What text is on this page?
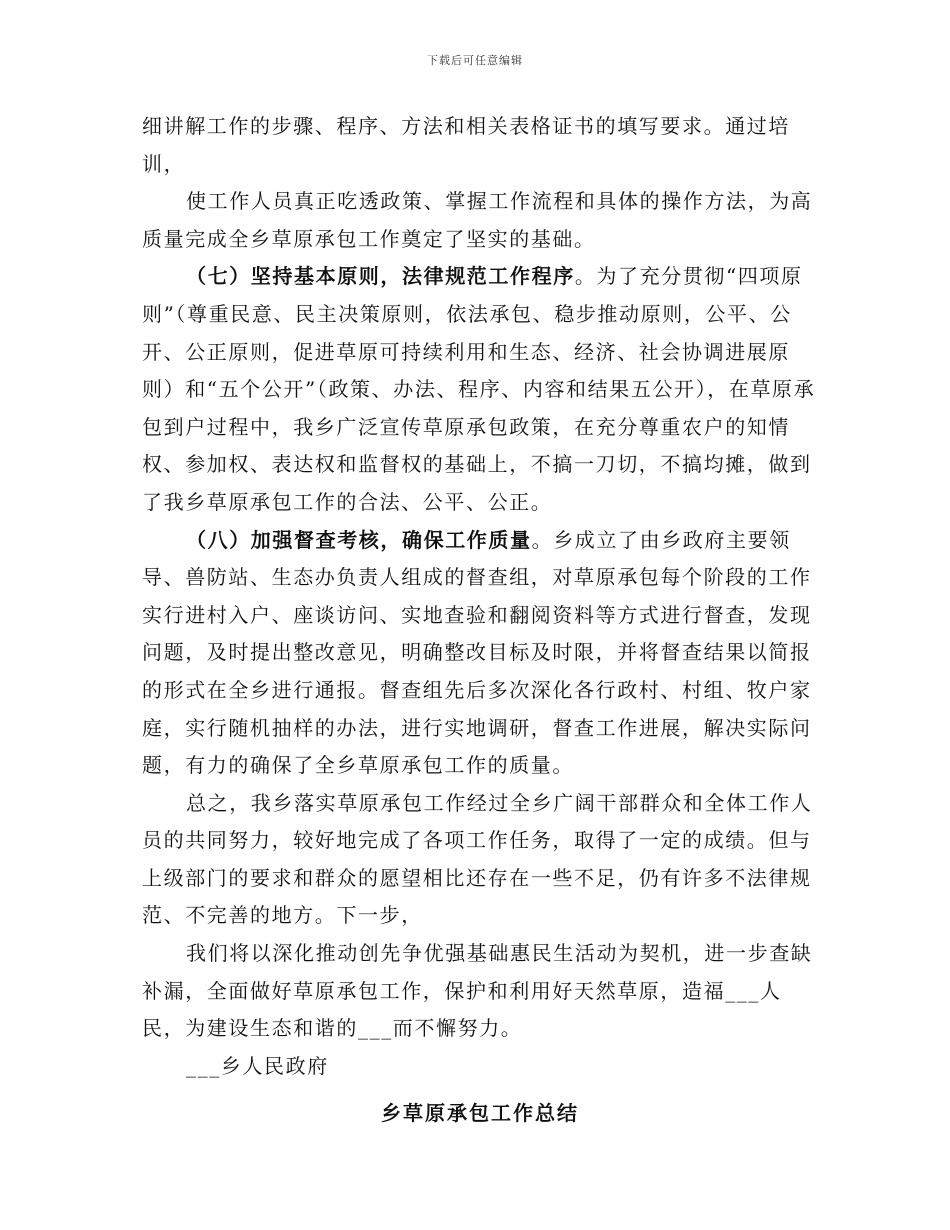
下载后可任意编辑

细讲解工作的步骤、程序、方法和相关表格证书的填写要求。通过培训，

使工作人员真正吃透政策、掌握工作流程和具体的操作方法，为高质量完成全乡草原承包工作奠定了坚实的基础。

（七）坚持基本原则，法律规范工作程序。为了充分贯彻“四项原则”（尊重民意、民主决策原则，依法承包、稳步推动原则，公平、公开、公正原则，促进草原可持续利用和生态、经济、社会协调进展原则）和“五个公开”（政策、办法、程序、内容和结果五公开），在草原承包到户过程中，我乡广泛宣传草原承包政策，在充分尊重农户的知情权、参加权、表达权和监督权的基础上，不搞一刀切，不搞均摊，做到了我乡草原承包工作的合法、公平、公正。

（八）加强督查考核，确保工作质量。乡成立了由乡政府主要领导、兽防站、生态办负责人组成的督查组，对草原承包每个阶段的工作实行进村入户、座谈访问、实地查验和翻阅资料等方式进行督查，发现问题，及时提出整改意见，明确整改目标及时限，并将督查结果以简报的形式在全乡进行通报。督查组先后多次深化各行政村、村组、牧户家庭，实行随机抽样的办法，进行实地调研，督查工作进展，解决实际问题，有力的确保了全乡草原承包工作的质量。

总之，我乡落实草原承包工作经过全乡广阔干部群众和全体工作人员的共同努力，较好地完成了各项工作任务，取得了一定的成绩。但与上级部门的要求和群众的愿望相比还存在一些不足，仍有许多不法律规范、不完善的地方。下一步，

我们将以深化推动创先争优强基础惠民生活动为契机，进一步查缺补漏，全面做好草原承包工作，保护和利用好天然草原，造福___人民，为建设生态和谐的___而不懈努力。

___乡人民政府

乡草原承包工作总结
